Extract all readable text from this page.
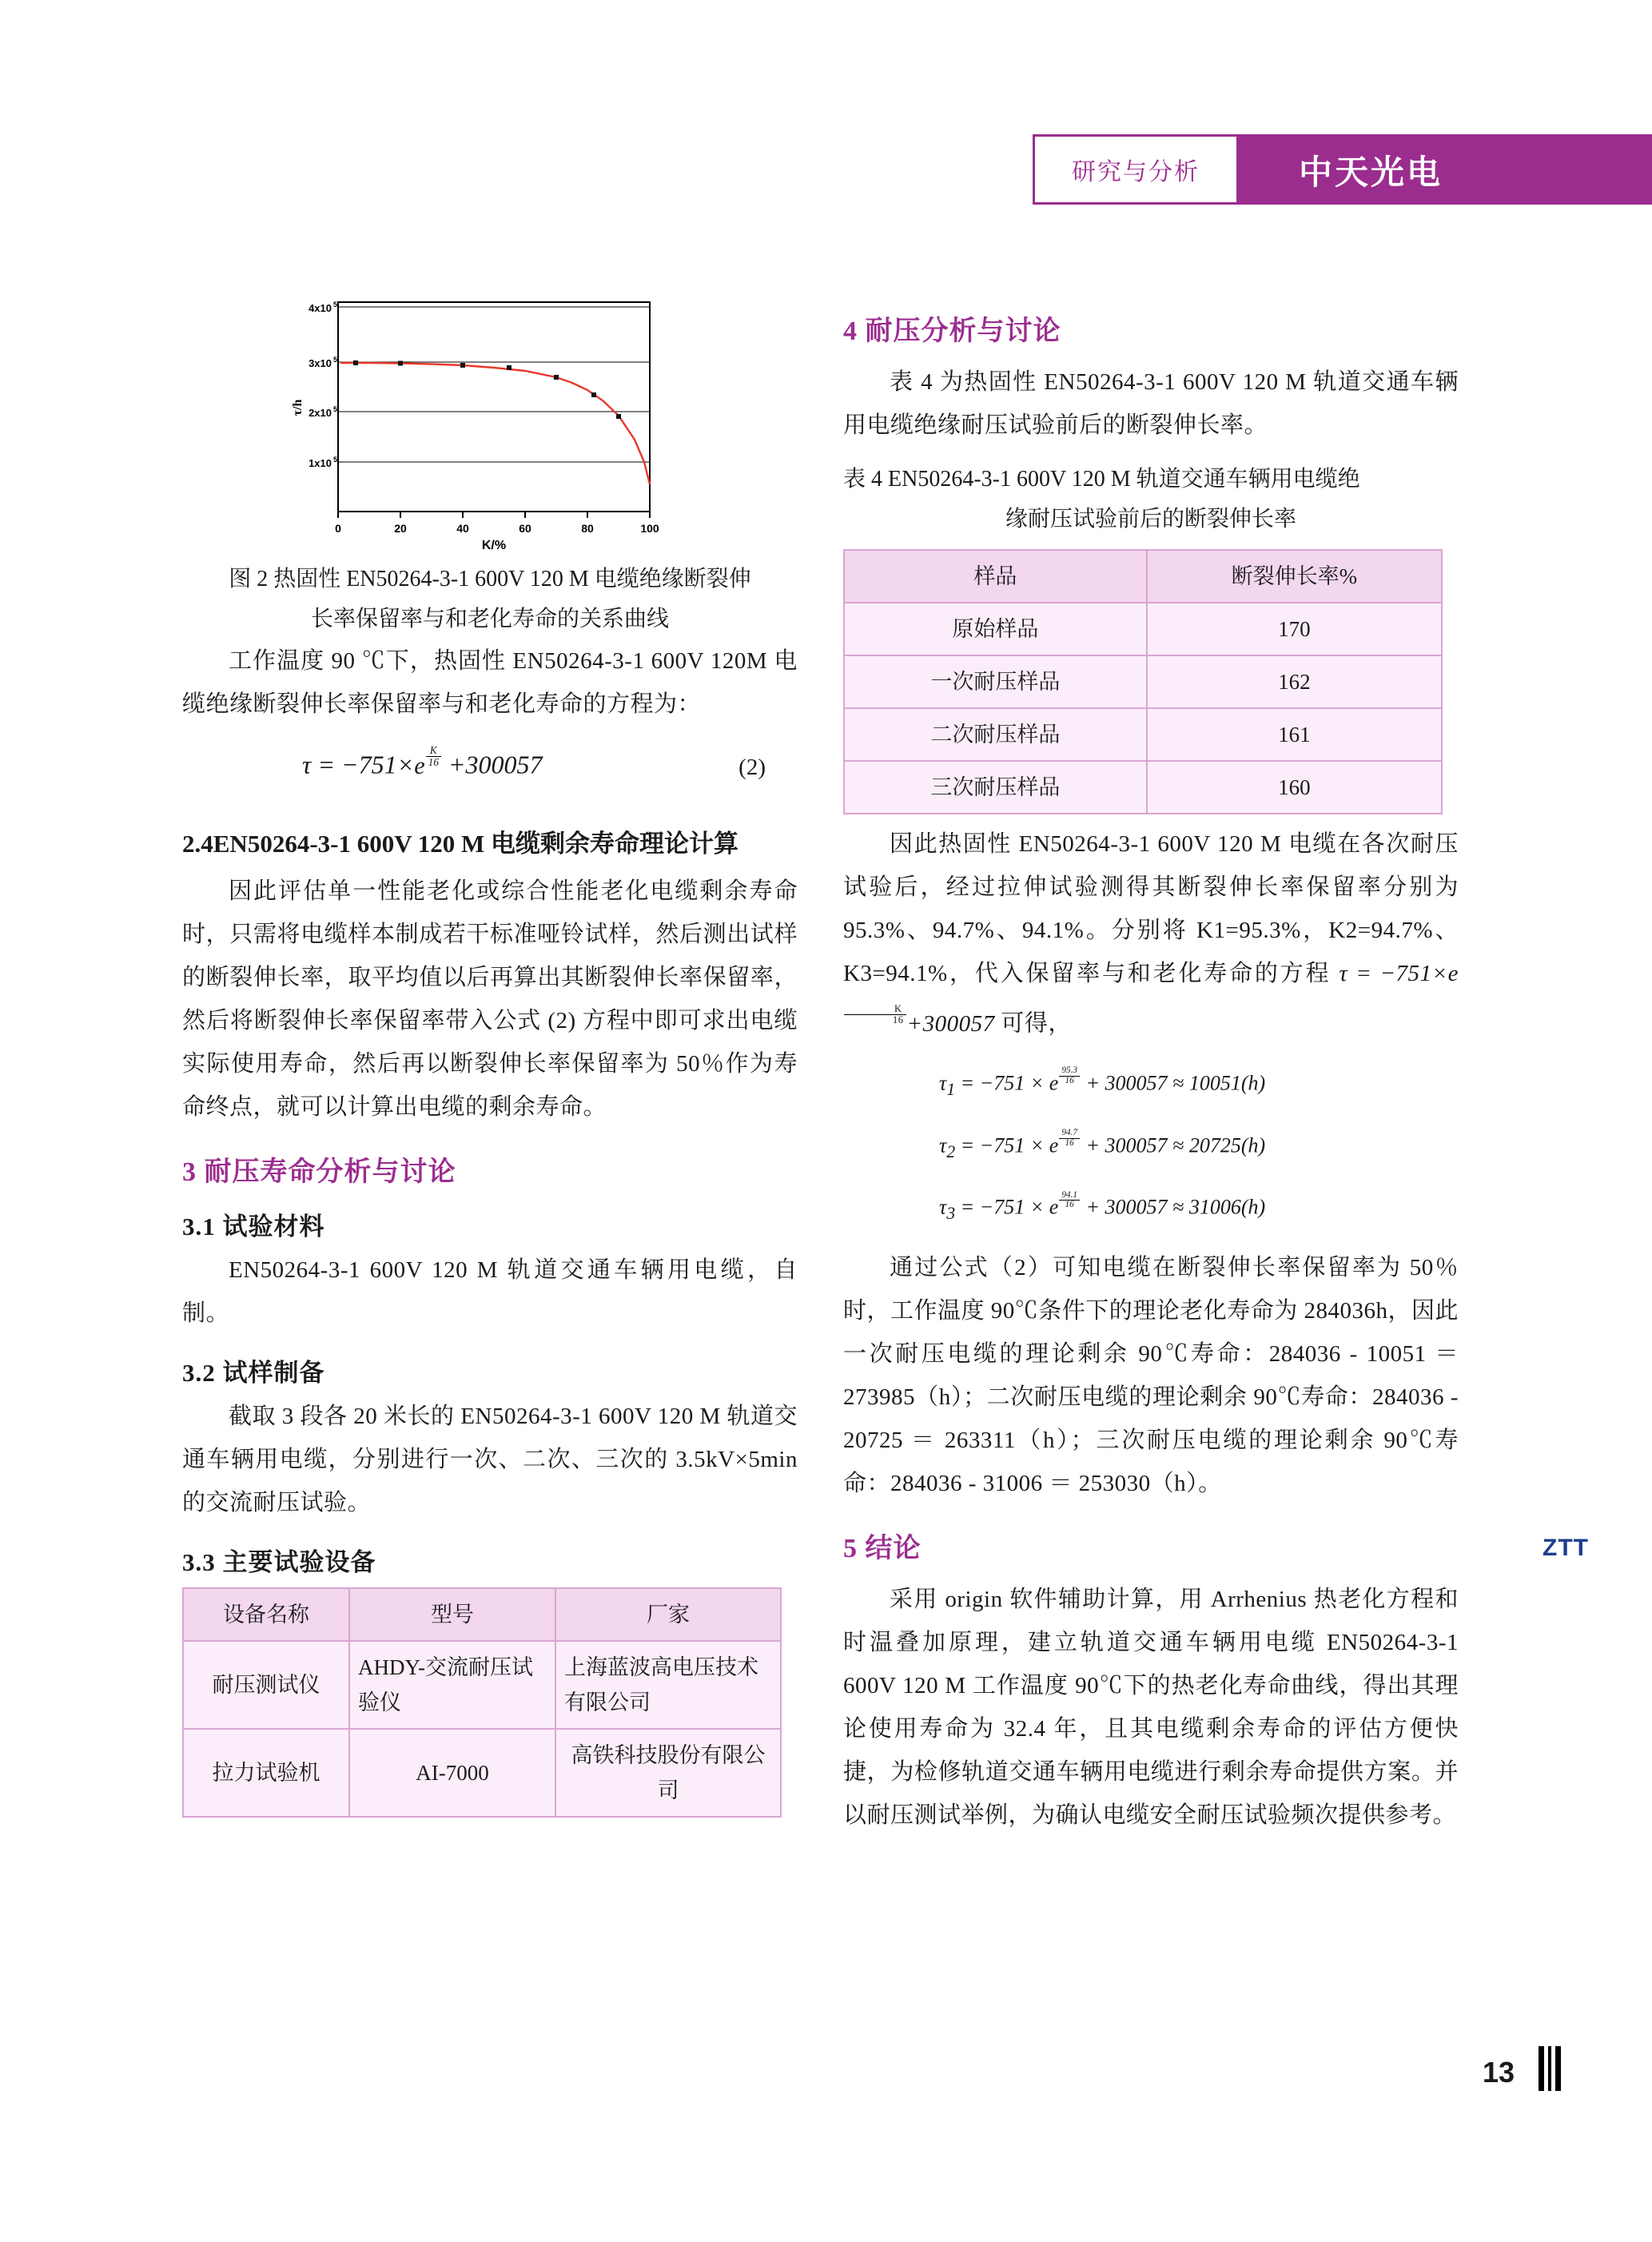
研究与分析	中天光电
4x10 5
3x10 5
2x10 5
1x10 5
0	20	40	60	80	100
K/%
τ/h
图 2 热固性 EN50264-3-1 600V 120 M 电缆绝缘断裂伸
长率保留率与和老化寿命的关系曲线

工作温度 90 ℃下，热固性 EN50264-3-1 600V 120M 电缆绝缘断裂伸长率保留率与和老化寿命的方程为：

τ = −751×e $^{\frac{K}{16}}$ +300057	(2)
2.4EN50264-3-1 600V 120 M 电缆剩余寿命理论计算

因此评估单一性能老化或综合性能老化电缆剩余寿命时，只需将电缆样本制成若干标准哑铃试样，然后测出试样的断裂伸长率，取平均值以后再算出其断裂伸长率保留率，然后将断裂伸长率保留率带入公式 (2) 方程中即可求出电缆实际使用寿命，然后再以断裂伸长率保留率为 50％作为寿命终点，就可以计算出电缆的剩余寿命。

3 耐压寿命分析与讨论
3.1 试验材料

EN50264-3-1 600V 120 M 轨道交通车辆用电缆，自制。

3.2 试样制备

截取 3 段各 20 米长的 EN50264-3-1 600V 120 M 轨道交通车辆用电缆，分别进行一次、二次、三次的 3.5kV×5min 的交流耐压试验。

3.3 主要试验设备
设备名称	型号	厂家
耐压测试仪	AHDY-交流耐压试验仪	上海蓝波高电压技术有限公司
拉力试验机	AI-7000	高铁科技股份有限公司
4 耐压分析与讨论

表 4 为热固性 EN50264-3-1 600V 120 M 轨道交通车辆用电缆绝缘耐压试验前后的断裂伸长率。

表 4 EN50264-3-1 600V 120 M 轨道交通车辆用电缆绝
缘耐压试验前后的断裂伸长率
样品	断裂伸长率%
原始样品	170
一次耐压样品	162
二次耐压样品	161
三次耐压样品	160

因此热固性 EN50264-3-1 600V 120 M 电缆在各次耐压试验后，经过拉伸试验测得其断裂伸长率保留率分别为 95.3%、94.7%、94.1%。分别将 K1=95.3%，K2=94.7%、K3=94.1%，代入保留率与和老化寿命的方程 τ = −751×e
$^{\frac{K}{16}}$ +300057 可得，

$\tau_1 = -751 \times e$ $^{\frac{95.3}{16}}$ + 300057 ≈ 10051(h)
$\tau_2 = -751 \times e$ $^{\frac{94.7}{16}}$ + 300057 ≈ 20725(h)
$\tau_3 = -751 \times e$ $^{\frac{94.1}{16}}$ + 300057 ≈ 31006(h)

通过公式（2）可知电缆在断裂伸长率保留率为 50％时，工作温度 90℃条件下的理论老化寿命为 284036h，因此一次耐压电缆的理论剩余 90℃寿命：284036 - 10051 ＝ 273985（h）；二次耐压电缆的理论剩余 90℃寿命：284036 - 20725 ＝ 263311（h）；三次耐压电缆的理论剩余 90℃寿命：284036 - 31006 ＝ 253030（h）。

5 结论

采用 origin 软件辅助计算，用 Arrhenius 热老化方程和时温叠加原理，建立轨道交通车辆用电缆 EN50264-3-1 600V 120 M 工作温度 90℃下的热老化寿命曲线，得出其理论使用寿命为 32.4 年，且其电缆剩余寿命的评估方便快捷，为检修轨道交通车辆用电缆进行剩余寿命提供方案。并以耐压测试举例，为确认电缆安全耐压试验频次提供参考。

ZTT
13
